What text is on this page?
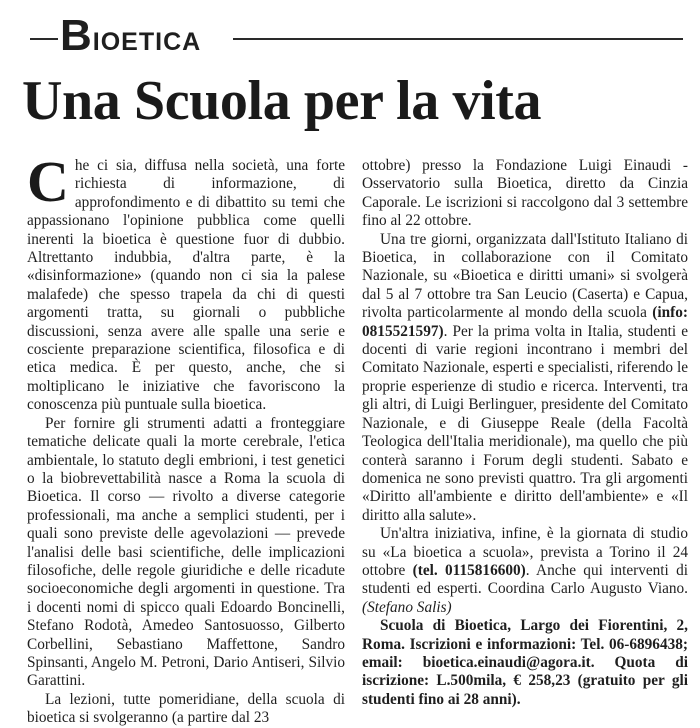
BIOETICA
Una Scuola per la vita

Che ci sia, diffusa nella società, una forte richiesta di informazione, di approfondimento e di dibattito su temi che appassionano l'opinione pubblica come quelli inerenti la bioetica è questione fuor di dubbio. Altrettanto indubbia, d'altra parte, è la «disinformazione» (quando non ci sia la palese malafede) che spesso trapela da chi di questi argomenti tratta, su giornali o pubbliche discussioni, senza avere alle spalle una serie e cosciente preparazione scientifica, filosofica e di etica medica. È per questo, anche, che si moltiplicano le iniziative che favoriscono la conoscenza più puntuale sulla bioetica.

Per fornire gli strumenti adatti a fronteggiare tematiche delicate quali la morte cerebrale, l'etica ambientale, lo statuto degli embrioni, i test genetici o la biobrevettabilità nasce a Roma la scuola di Bioetica. Il corso — rivolto a diverse categorie professionali, ma anche a semplici studenti, per i quali sono previste delle agevolazioni — prevede l'analisi delle basi scientifiche, delle implicazioni filosofiche, delle regole giuridiche e delle ricadute socioeconomiche degli argomenti in questione. Tra i docenti nomi di spicco quali Edoardo Boncinelli, Stefano Rodotà, Amedeo Santosuosso, Gilberto Corbellini, Sebastiano Maffettone, Sandro Spinsanti, Angelo M. Petroni, Dario Antiseri, Silvio Garattini.

La lezioni, tutte pomeridiane, della scuola di bioetica si svolgeranno (a partire dal 23

ottobre) presso la Fondazione Luigi Einaudi - Osservatorio sulla Bioetica, diretto da Cinzia Caporale. Le iscrizioni si raccolgono dal 3 settembre fino al 22 ottobre.

Una tre giorni, organizzata dall'Istituto Italiano di Bioetica, in collaborazione con il Comitato Nazionale, su «Bioetica e diritti umani» si svolgerà dal 5 al 7 ottobre tra San Leucio (Caserta) e Capua, rivolta particolarmente al mondo della scuola (info: 0815521597). Per la prima volta in Italia, studenti e docenti di varie regioni incontrano i membri del Comitato Nazionale, esperti e specialisti, riferendo le proprie esperienze di studio e ricerca. Interventi, tra gli altri, di Luigi Berlinguer, presidente del Comitato Nazionale, e di Giuseppe Reale (della Facoltà Teologica dell'Italia meridionale), ma quello che più conterà saranno i Forum degli studenti. Sabato e domenica ne sono previsti quattro. Tra gli argomenti «Diritto all'ambiente e diritto dell'ambiente» e «Il diritto alla salute».

Un'altra iniziativa, infine, è la giornata di studio su «La bioetica a scuola», prevista a Torino il 24 ottobre (tel. 0115816600). Anche qui interventi di studenti ed esperti. Coordina Carlo Augusto Viano. (Stefano Salis)

Scuola di Bioetica, Largo dei Fiorentini, 2, Roma. Iscrizioni e informazioni: Tel. 06-6896438; email: bioetica.einaudi@agora.it. Quota di iscrizione: L.500mila, € 258,23 (gratuito per gli studenti fino ai 28 anni).
